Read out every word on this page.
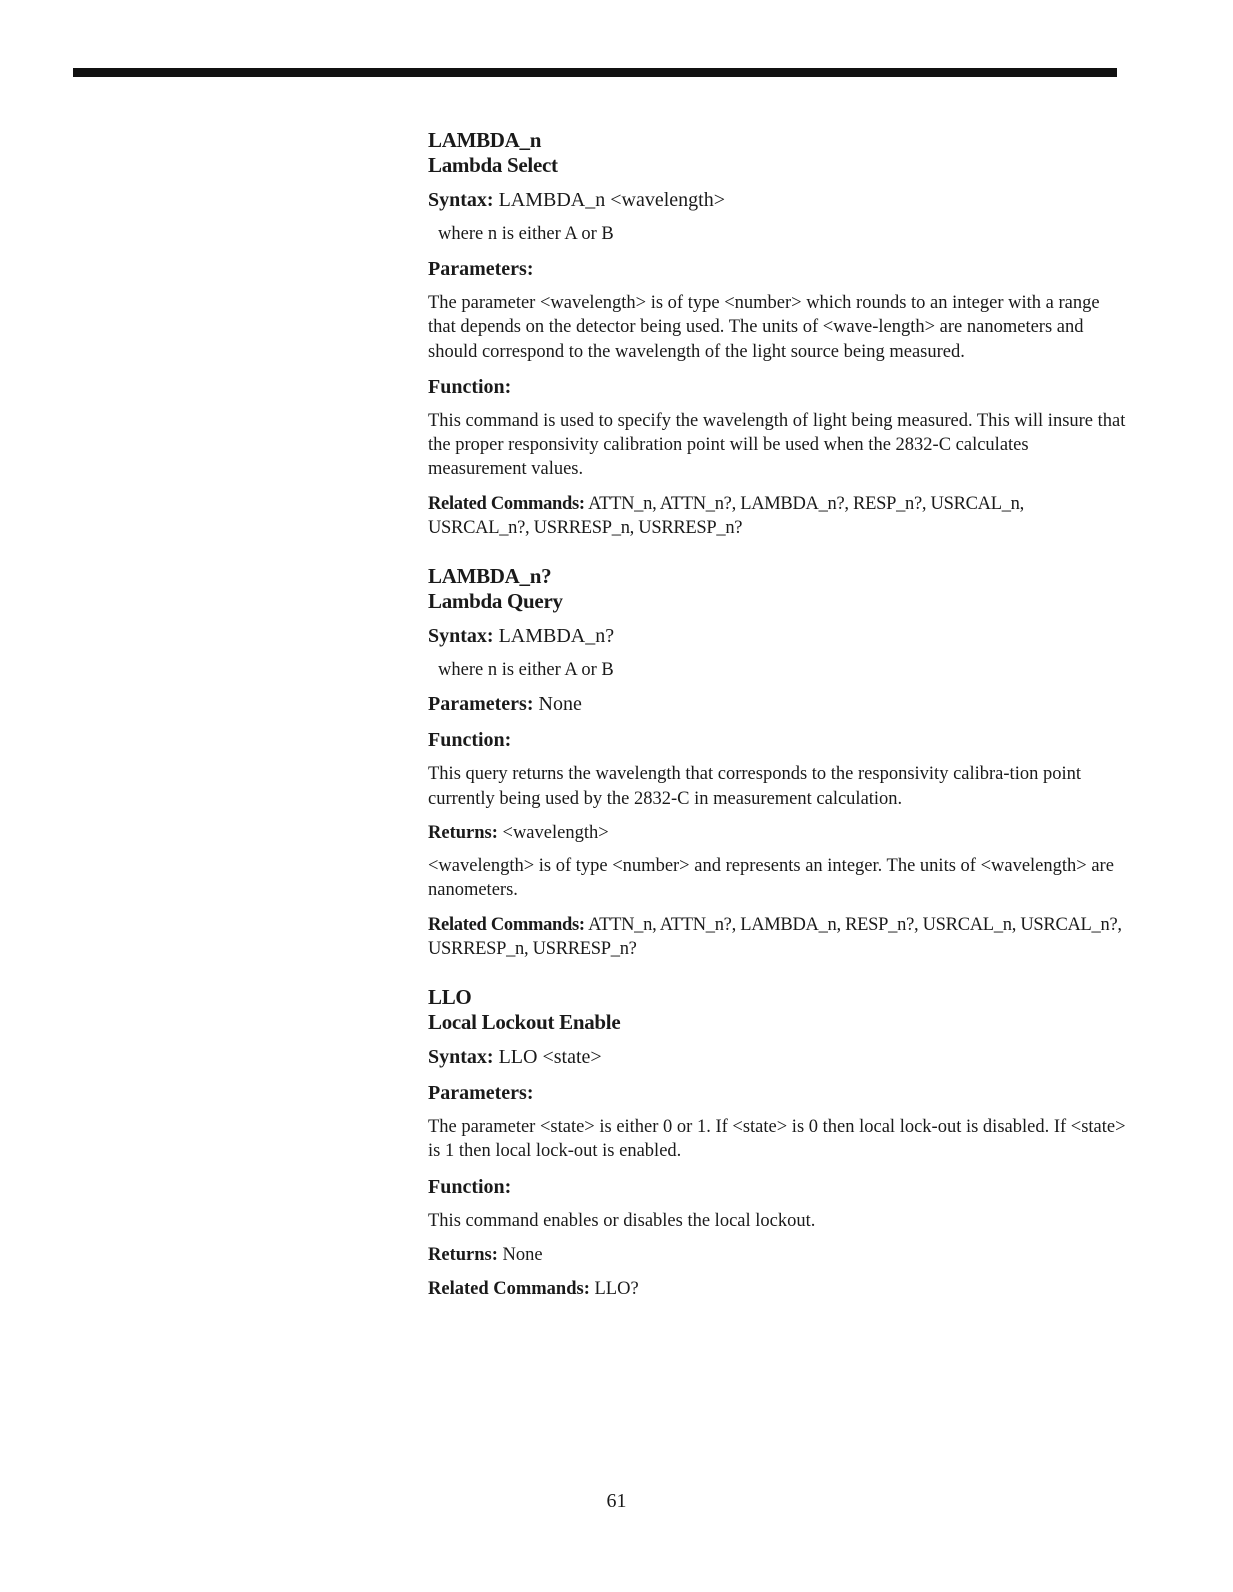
LAMBDA_n
Lambda Select
Syntax: LAMBDA_n <wavelength>
where n is either A or B
Parameters:
The parameter <wavelength> is of type <number> which rounds to an integer with a range that depends on the detector being used. The units of <wave-length> are nanometers and should correspond to the wavelength of the light source being measured.
Function:
This command is used to specify the wavelength of light being measured. This will insure that the proper responsivity calibration point will be used when the 2832-C calculates measurement values.
Related Commands: ATTN_n, ATTN_n?, LAMBDA_n?, RESP_n?, USRCAL_n, USRCAL_n?, USRRESP_n, USRRESP_n?
LAMBDA_n?
Lambda Query
Syntax: LAMBDA_n?
where n is either A or B
Parameters: None
Function:
This query returns the wavelength that corresponds to the responsivity calibra-tion point currently being used by the 2832-C in measurement calculation.
Returns: <wavelength>
<wavelength> is of type <number> and represents an integer. The units of <wavelength> are nanometers.
Related Commands: ATTN_n, ATTN_n?, LAMBDA_n, RESP_n?, USRCAL_n, USRCAL_n?, USRRESP_n, USRRESP_n?
LLO
Local Lockout Enable
Syntax: LLO <state>
Parameters:
The parameter <state> is either 0 or 1. If <state> is 0 then local lock-out is disabled. If <state> is 1 then local lock-out is enabled.
Function:
This command enables or disables the local lockout.
Returns: None
Related Commands: LLO?
61
